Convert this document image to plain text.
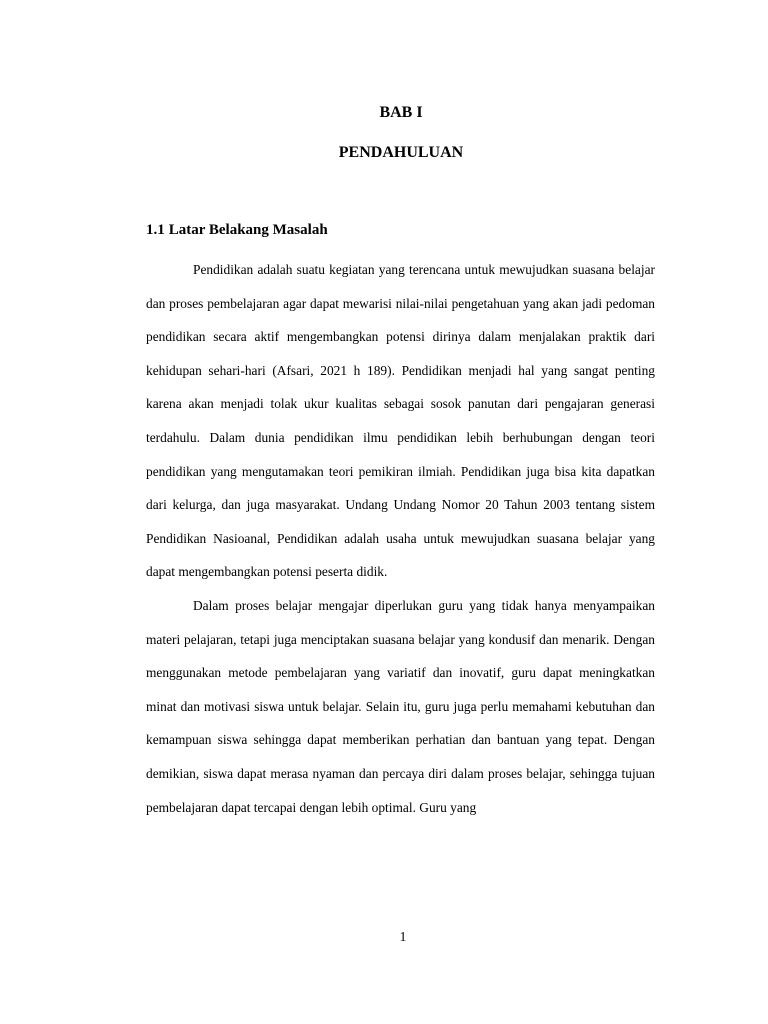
BAB I
PENDAHULUAN
1.1 Latar Belakang Masalah

Pendidikan adalah suatu kegiatan yang terencana untuk mewujudkan suasana belajar dan proses pembelajaran agar dapat mewarisi nilai-nilai pengetahuan yang akan jadi pedoman pendidikan secara aktif mengembangkan potensi dirinya dalam menjalakan praktik dari kehidupan sehari-hari (Afsari, 2021 h 189). Pendidikan menjadi hal yang sangat penting karena akan menjadi tolak ukur kualitas sebagai sosok panutan dari pengajaran generasi terdahulu. Dalam dunia pendidikan ilmu pendidikan lebih berhubungan dengan teori pendidikan yang mengutamakan teori pemikiran ilmiah. Pendidikan juga bisa kita dapatkan dari kelurga, dan juga masyarakat. Undang Undang Nomor 20 Tahun 2003 tentang sistem Pendidikan Nasioanal, Pendidikan adalah usaha untuk mewujudkan suasana belajar yang dapat mengembangkan potensi peserta didik.

Dalam proses belajar mengajar diperlukan guru yang tidak hanya menyampaikan materi pelajaran, tetapi juga menciptakan suasana belajar yang kondusif dan menarik. Dengan menggunakan metode pembelajaran yang variatif dan inovatif, guru dapat meningkatkan minat dan motivasi siswa untuk belajar. Selain itu, guru juga perlu memahami kebutuhan dan kemampuan siswa sehingga dapat memberikan perhatian dan bantuan yang tepat. Dengan demikian, siswa dapat merasa nyaman dan percaya diri dalam proses belajar, sehingga tujuan pembelajaran dapat tercapai dengan lebih optimal. Guru yang

1
